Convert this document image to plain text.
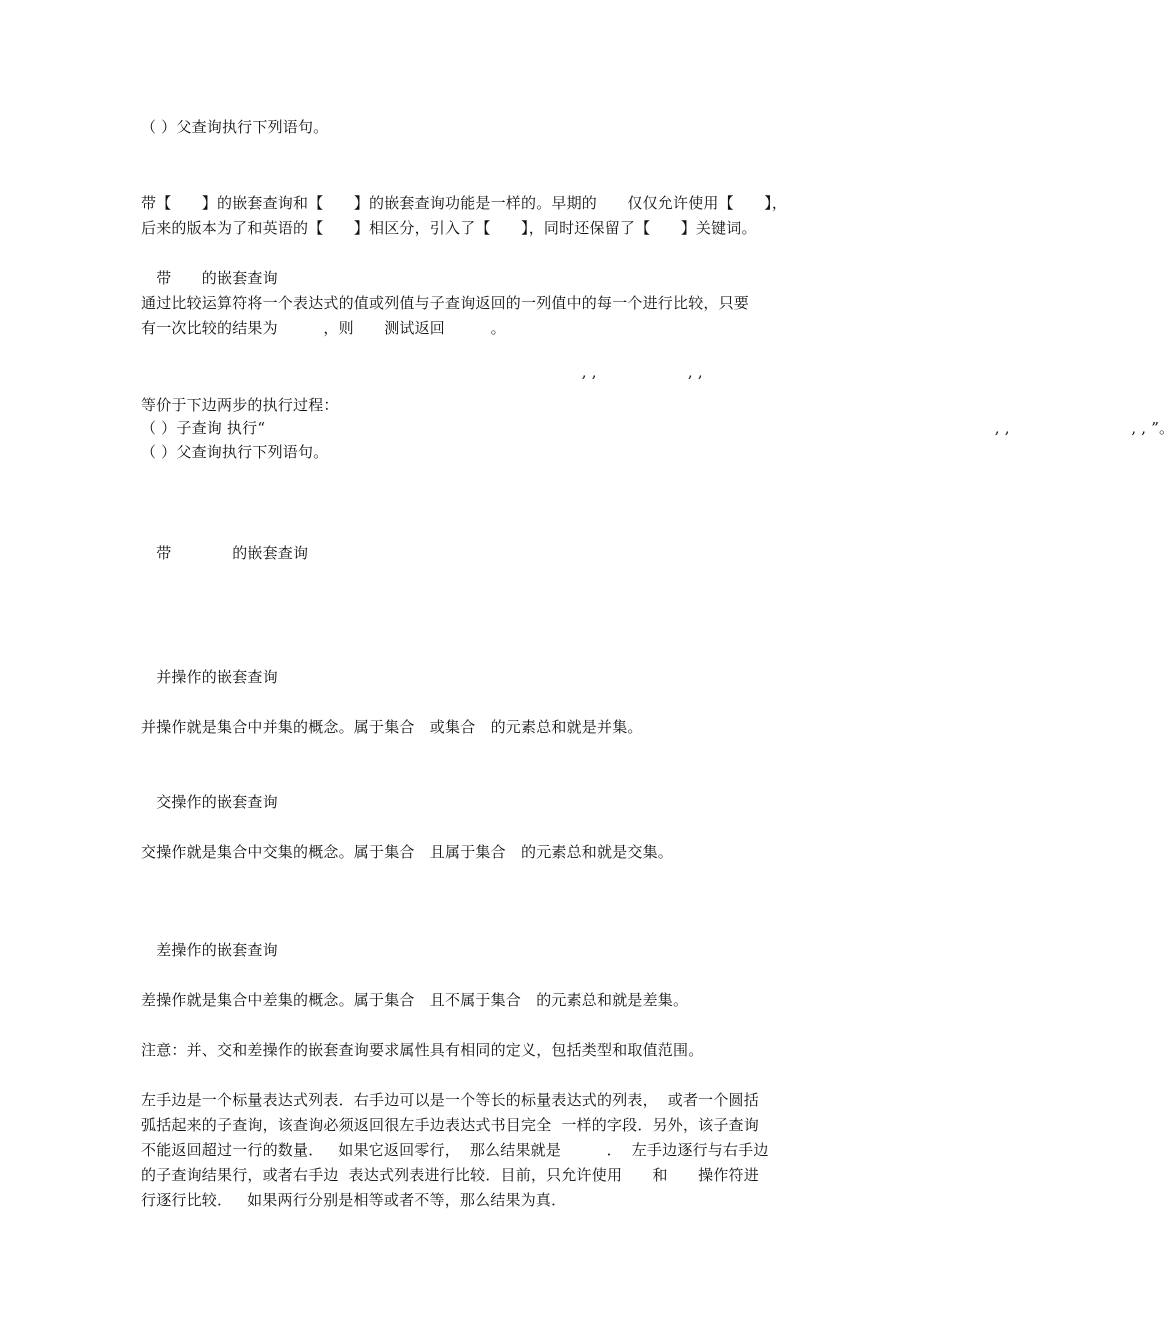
（ ）父查询执行下列语句。
带【　　】的嵌套查询和【　　】的嵌套查询功能是一样的。早期的　　仅仅允许使用【　　】，
后来的版本为了和英语的【　　】相区分，引入了【　　】，同时还保留了【　　】关键词。
　带　　的嵌套查询
通过比较运算符将一个表达式的值或列值与子查询返回的一列值中的每一个进行比较，只要
有一次比较的结果为　　　，则　　测试返回　　　。
　　　　　　　　　　　　　　　　　　　　　　　　　　　　　, ,　　　　　　, ,
等价于下边两步的执行过程：
（ ）子查询 执行“　　　　　　　　　　　　　　　　　　　　　　　　　　　　　　　　　　　　　　　　　　　　　　　　, ,　　　　　　　　, , ”。
（ ）父查询执行下列语句。
　带　　　　的嵌套查询
　并操作的嵌套查询
并操作就是集合中并集的概念。属于集合　或集合　的元素总和就是并集。
　交操作的嵌套查询
交操作就是集合中交集的概念。属于集合　且属于集合　的元素总和就是交集。
　差操作的嵌套查询
差操作就是集合中差集的概念。属于集合　且不属于集合　的元素总和就是差集。
注意：并、交和差操作的嵌套查询要求属性具有相同的定义，包括类型和取值范围。
左手边是一个标量表达式列表．右手边可以是一个等长的标量表达式的列表，  或者一个圆括
弧括起来的子查询，该查询必须返回很左手边表达式书目完全  一样的字段．另外，该子查询
不能返回超过一行的数量．   如果它返回零行，  那么结果就是　　　．  左手边逐行与右手边
的子查询结果行，或者右手边  表达式列表进行比较．目前，只允许使用　　和　　操作符进
行逐行比较．   如果两行分别是相等或者不等，那么结果为真．
